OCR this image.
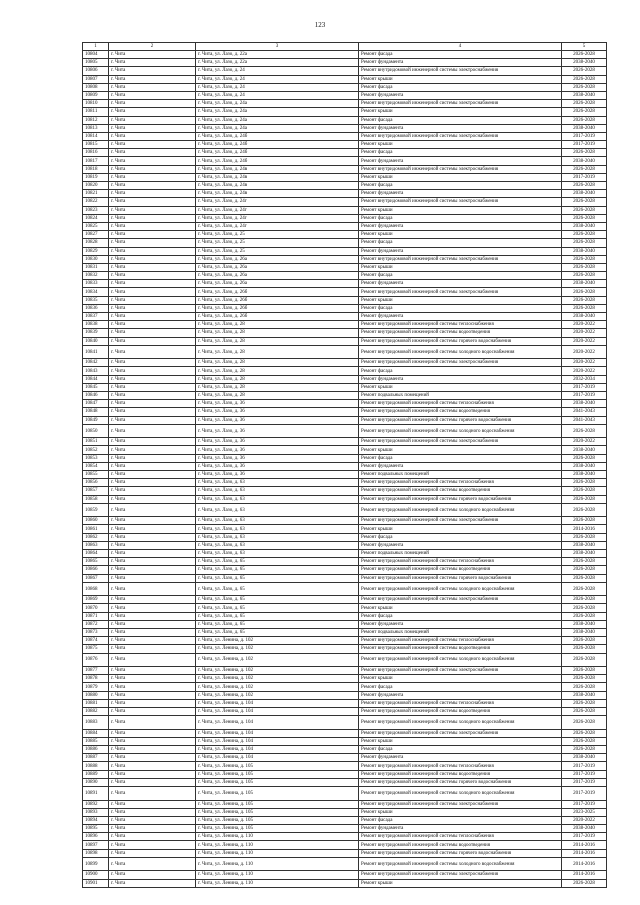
123
1	2	3	4	5
10804	г. Чита	г. Чита, ул. Лазо, д. 22а	Ремонт фасада	2026-2028
10805	г. Чита	г. Чита, ул. Лазо, д. 22а	Ремонт фундамента	2038-2040
10806	г. Чита	г. Чита, ул. Лазо, д. 24	Ремонт внутридомовой инженерной системы электроснабжения	2026-2028
10807	г. Чита	г. Чита, ул. Лазо, д. 24	Ремонт крыши	2026-2028
10808	г. Чита	г. Чита, ул. Лазо, д. 24	Ремонт фасада	2026-2028
10809	г. Чита	г. Чита, ул. Лазо, д. 24	Ремонт фундамента	2038-2040
10810	г. Чита	г. Чита, ул. Лазо, д. 24а	Ремонт внутридомовой инженерной системы электроснабжения	2026-2028
10811	г. Чита	г. Чита, ул. Лазо, д. 24а	Ремонт крыши	2026-2028
10812	г. Чита	г. Чита, ул. Лазо, д. 24а	Ремонт фасада	2026-2028
10813	г. Чита	г. Чита, ул. Лазо, д. 24а	Ремонт фундамента	2038-2040
10814	г. Чита	г. Чита, ул. Лазо, д. 24б	Ремонт внутридомовой инженерной системы электроснабжения	2017-2019
10815	г. Чита	г. Чита, ул. Лазо, д. 24б	Ремонт крыши	2017-2019
10816	г. Чита	г. Чита, ул. Лазо, д. 24б	Ремонт фасада	2026-2028
10817	г. Чита	г. Чита, ул. Лазо, д. 24б	Ремонт фундамента	2038-2040
10818	г. Чита	г. Чита, ул. Лазо, д. 24в	Ремонт внутридомовой инженерной системы электроснабжения	2026-2028
10819	г. Чита	г. Чита, ул. Лазо, д. 24в	Ремонт крыши	2017-2019
10820	г. Чита	г. Чита, ул. Лазо, д. 24в	Ремонт фасада	2026-2028
10821	г. Чита	г. Чита, ул. Лазо, д. 24в	Ремонт фундамента	2038-2040
10822	г. Чита	г. Чита, ул. Лазо, д. 24г	Ремонт внутридомовой инженерной системы электроснабжения	2026-2028
10823	г. Чита	г. Чита, ул. Лазо, д. 24г	Ремонт крыши	2026-2028
10824	г. Чита	г. Чита, ул. Лазо, д. 24г	Ремонт фасада	2026-2028
10825	г. Чита	г. Чита, ул. Лазо, д. 24г	Ремонт фундамента	2038-2040
10827	г. Чита	г. Чита, ул. Лазо, д. 25	Ремонт крыши	2026-2028
10828	г. Чита	г. Чита, ул. Лазо, д. 25	Ремонт фасада	2026-2028
10829	г. Чита	г. Чита, ул. Лазо, д. 25	Ремонт фундамента	2038-2040
10830	г. Чита	г. Чита, ул. Лазо, д. 26а	Ремонт внутридомовой инженерной системы электроснабжения	2026-2028
10831	г. Чита	г. Чита, ул. Лазо, д. 26а	Ремонт крыши	2026-2028
10832	г. Чита	г. Чита, ул. Лазо, д. 26а	Ремонт фасада	2026-2028
10833	г. Чита	г. Чита, ул. Лазо, д. 26а	Ремонт фундамента	2038-2040
10834	г. Чита	г. Чита, ул. Лазо, д. 26б	Ремонт внутридомовой инженерной системы электроснабжения	2026-2028
10835	г. Чита	г. Чита, ул. Лазо, д. 26б	Ремонт крыши	2026-2028
10836	г. Чита	г. Чита, ул. Лазо, д. 26б	Ремонт фасада	2026-2028
10837	г. Чита	г. Чита, ул. Лазо, д. 26б	Ремонт фундамента	2038-2040
10838	г. Чита	г. Чита, ул. Лазо, д. 28	Ремонт внутридомовой инженерной системы теплоснабжения	2020-2022
10839	г. Чита	г. Чита, ул. Лазо, д. 28	Ремонт внутридомовой инженерной системы водоотведения	2020-2022
10840	г. Чита	г. Чита, ул. Лазо, д. 28	Ремонт внутридомовой инженерной системы горячего водоснабжения	2020-2022
10841	г. Чита	г. Чита, ул. Лазо, д. 28	Ремонт внутридомовой инженерной системы холодного водоснабжения	2020-2022
10842	г. Чита	г. Чита, ул. Лазо, д. 28	Ремонт внутридомовой инженерной системы электроснабжения	2020-2022
10843	г. Чита	г. Чита, ул. Лазо, д. 28	Ремонт фасада	2020-2022
10844	г. Чита	г. Чита, ул. Лазо, д. 28	Ремонт фундамента	2032-2034
10845	г. Чита	г. Чита, ул. Лазо, д. 28	Ремонт крыши	2017-2019
10846	г. Чита	г. Чита, ул. Лазо, д. 28	Ремонт подвальных помещений	2017-2019
10847	г. Чита	г. Чита, ул. Лазо, д. 36	Ремонт внутридомовой инженерной системы теплоснабжения	2038-2040
10848	г. Чита	г. Чита, ул. Лазо, д. 36	Ремонт внутридомовой инженерной системы водоотведения	2041-2043
10849	г. Чита	г. Чита, ул. Лазо, д. 36	Ремонт внутридомовой инженерной системы горячего водоснабжения	2041-2043
10850	г. Чита	г. Чита, ул. Лазо, д. 36	Ремонт внутридомовой инженерной системы холодного водоснабжения	2026-2028
10851	г. Чита	г. Чита, ул. Лазо, д. 36	Ремонт внутридомовой инженерной системы электроснабжения	2020-2022
10852	г. Чита	г. Чита, ул. Лазо, д. 36	Ремонт крыши	2038-2040
10853	г. Чита	г. Чита, ул. Лазо, д. 36	Ремонт фасада	2026-2028
10854	г. Чита	г. Чита, ул. Лазо, д. 36	Ремонт фундамента	2038-2040
10855	г. Чита	г. Чита, ул. Лазо, д. 36	Ремонт подвальных помещений	2038-2040
10856	г. Чита	г. Чита, ул. Лазо, д. 63	Ремонт внутридомовой инженерной системы теплоснабжения	2026-2028
10857	г. Чита	г. Чита, ул. Лазо, д. 63	Ремонт внутридомовой инженерной системы водоотведения	2026-2028
10858	г. Чита	г. Чита, ул. Лазо, д. 63	Ремонт внутридомовой инженерной системы горячего водоснабжения	2026-2028
10859	г. Чита	г. Чита, ул. Лазо, д. 63	Ремонт внутридомовой инженерной системы холодного водоснабжения	2026-2028
10860	г. Чита	г. Чита, ул. Лазо, д. 63	Ремонт внутридомовой инженерной системы электроснабжения	2026-2028
10861	г. Чита	г. Чита, ул. Лазо, д. 63	Ремонт крыши	2014-2016
10862	г. Чита	г. Чита, ул. Лазо, д. 63	Ремонт фасада	2026-2028
10863	г. Чита	г. Чита, ул. Лазо, д. 63	Ремонт фундамента	2038-2040
10864	г. Чита	г. Чита, ул. Лазо, д. 63	Ремонт подвальных помещений	2038-2040
10865	г. Чита	г. Чита, ул. Лазо, д. 65	Ремонт внутридомовой инженерной системы теплоснабжения	2026-2028
10866	г. Чита	г. Чита, ул. Лазо, д. 65	Ремонт внутридомовой инженерной системы водоотведения	2026-2028
10867	г. Чита	г. Чита, ул. Лазо, д. 65	Ремонт внутридомовой инженерной системы горячего водоснабжения	2026-2028
10868	г. Чита	г. Чита, ул. Лазо, д. 65	Ремонт внутридомовой инженерной системы холодного водоснабжения	2026-2028
10869	г. Чита	г. Чита, ул. Лазо, д. 65	Ремонт внутридомовой инженерной системы электроснабжения	2026-2028
10870	г. Чита	г. Чита, ул. Лазо, д. 65	Ремонт крыши	2026-2028
10871	г. Чита	г. Чита, ул. Лазо, д. 65	Ремонт фасада	2026-2028
10872	г. Чита	г. Чита, ул. Лазо, д. 65	Ремонт фундамента	2038-2040
10873	г. Чита	г. Чита, ул. Лазо, д. 65	Ремонт подвальных помещений	2038-2040
10874	г. Чита	г. Чита, ул. Ленина, д. 102	Ремонт внутридомовой инженерной системы теплоснабжения	2026-2028
10875	г. Чита	г. Чита, ул. Ленина, д. 102	Ремонт внутридомовой инженерной системы водоотведения	2026-2028
10876	г. Чита	г. Чита, ул. Ленина, д. 102	Ремонт внутридомовой инженерной системы холодного водоснабжения	2026-2028
10877	г. Чита	г. Чита, ул. Ленина, д. 102	Ремонт внутридомовой инженерной системы электроснабжения	2026-2028
10878	г. Чита	г. Чита, ул. Ленина, д. 102	Ремонт крыши	2026-2028
10879	г. Чита	г. Чита, ул. Ленина, д. 102	Ремонт фасада	2026-2028
10880	г. Чита	г. Чита, ул. Ленина, д. 102	Ремонт фундамента	2038-2040
10881	г. Чита	г. Чита, ул. Ленина, д. 104	Ремонт внутридомовой инженерной системы теплоснабжения	2026-2028
10882	г. Чита	г. Чита, ул. Ленина, д. 104	Ремонт внутридомовой инженерной системы водоотведения	2026-2028
10883	г. Чита	г. Чита, ул. Ленина, д. 104	Ремонт внутридомовой инженерной системы холодного водоснабжения	2026-2028
10884	г. Чита	г. Чита, ул. Ленина, д. 104	Ремонт внутридомовой инженерной системы электроснабжения	2026-2028
10885	г. Чита	г. Чита, ул. Ленина, д. 104	Ремонт крыши	2026-2028
10886	г. Чита	г. Чита, ул. Ленина, д. 104	Ремонт фасада	2026-2028
10887	г. Чита	г. Чита, ул. Ленина, д. 104	Ремонт фундамента	2038-2040
10888	г. Чита	г. Чита, ул. Ленина, д. 105	Ремонт внутридомовой инженерной системы теплоснабжения	2017-2019
10889	г. Чита	г. Чита, ул. Ленина, д. 105	Ремонт внутридомовой инженерной системы водоотведения	2017-2019
10890	г. Чита	г. Чита, ул. Ленина, д. 105	Ремонт внутридомовой инженерной системы горячего водоснабжения	2017-2019
10891	г. Чита	г. Чита, ул. Ленина, д. 105	Ремонт внутридомовой инженерной системы холодного водоснабжения	2017-2019
10892	г. Чита	г. Чита, ул. Ленина, д. 105	Ремонт внутридомовой инженерной системы электроснабжения	2017-2019
10893	г. Чита	г. Чита, ул. Ленина, д. 105	Ремонт крыши	2023-2025
10894	г. Чита	г. Чита, ул. Ленина, д. 105	Ремонт фасада	2020-2022
10895	г. Чита	г. Чита, ул. Ленина, д. 105	Ремонт фундамента	2038-2040
10896	г. Чита	г. Чита, ул. Ленина, д. 110	Ремонт внутридомовой инженерной системы теплоснабжения	2017-2019
10897	г. Чита	г. Чита, ул. Ленина, д. 110	Ремонт внутридомовой инженерной системы водоотведения	2014-2016
10898	г. Чита	г. Чита, ул. Ленина, д. 110	Ремонт внутридомовой инженерной системы горячего водоснабжения	2014-2016
10899	г. Чита	г. Чита, ул. Ленина, д. 110	Ремонт внутридомовой инженерной системы холодного водоснабжения	2014-2016
10900	г. Чита	г. Чита, ул. Ленина, д. 110	Ремонт внутридомовой инженерной системы электроснабжения	2014-2016
10901	г. Чита	г. Чита, ул. Ленина, д. 110	Ремонт крыши	2026-2028
